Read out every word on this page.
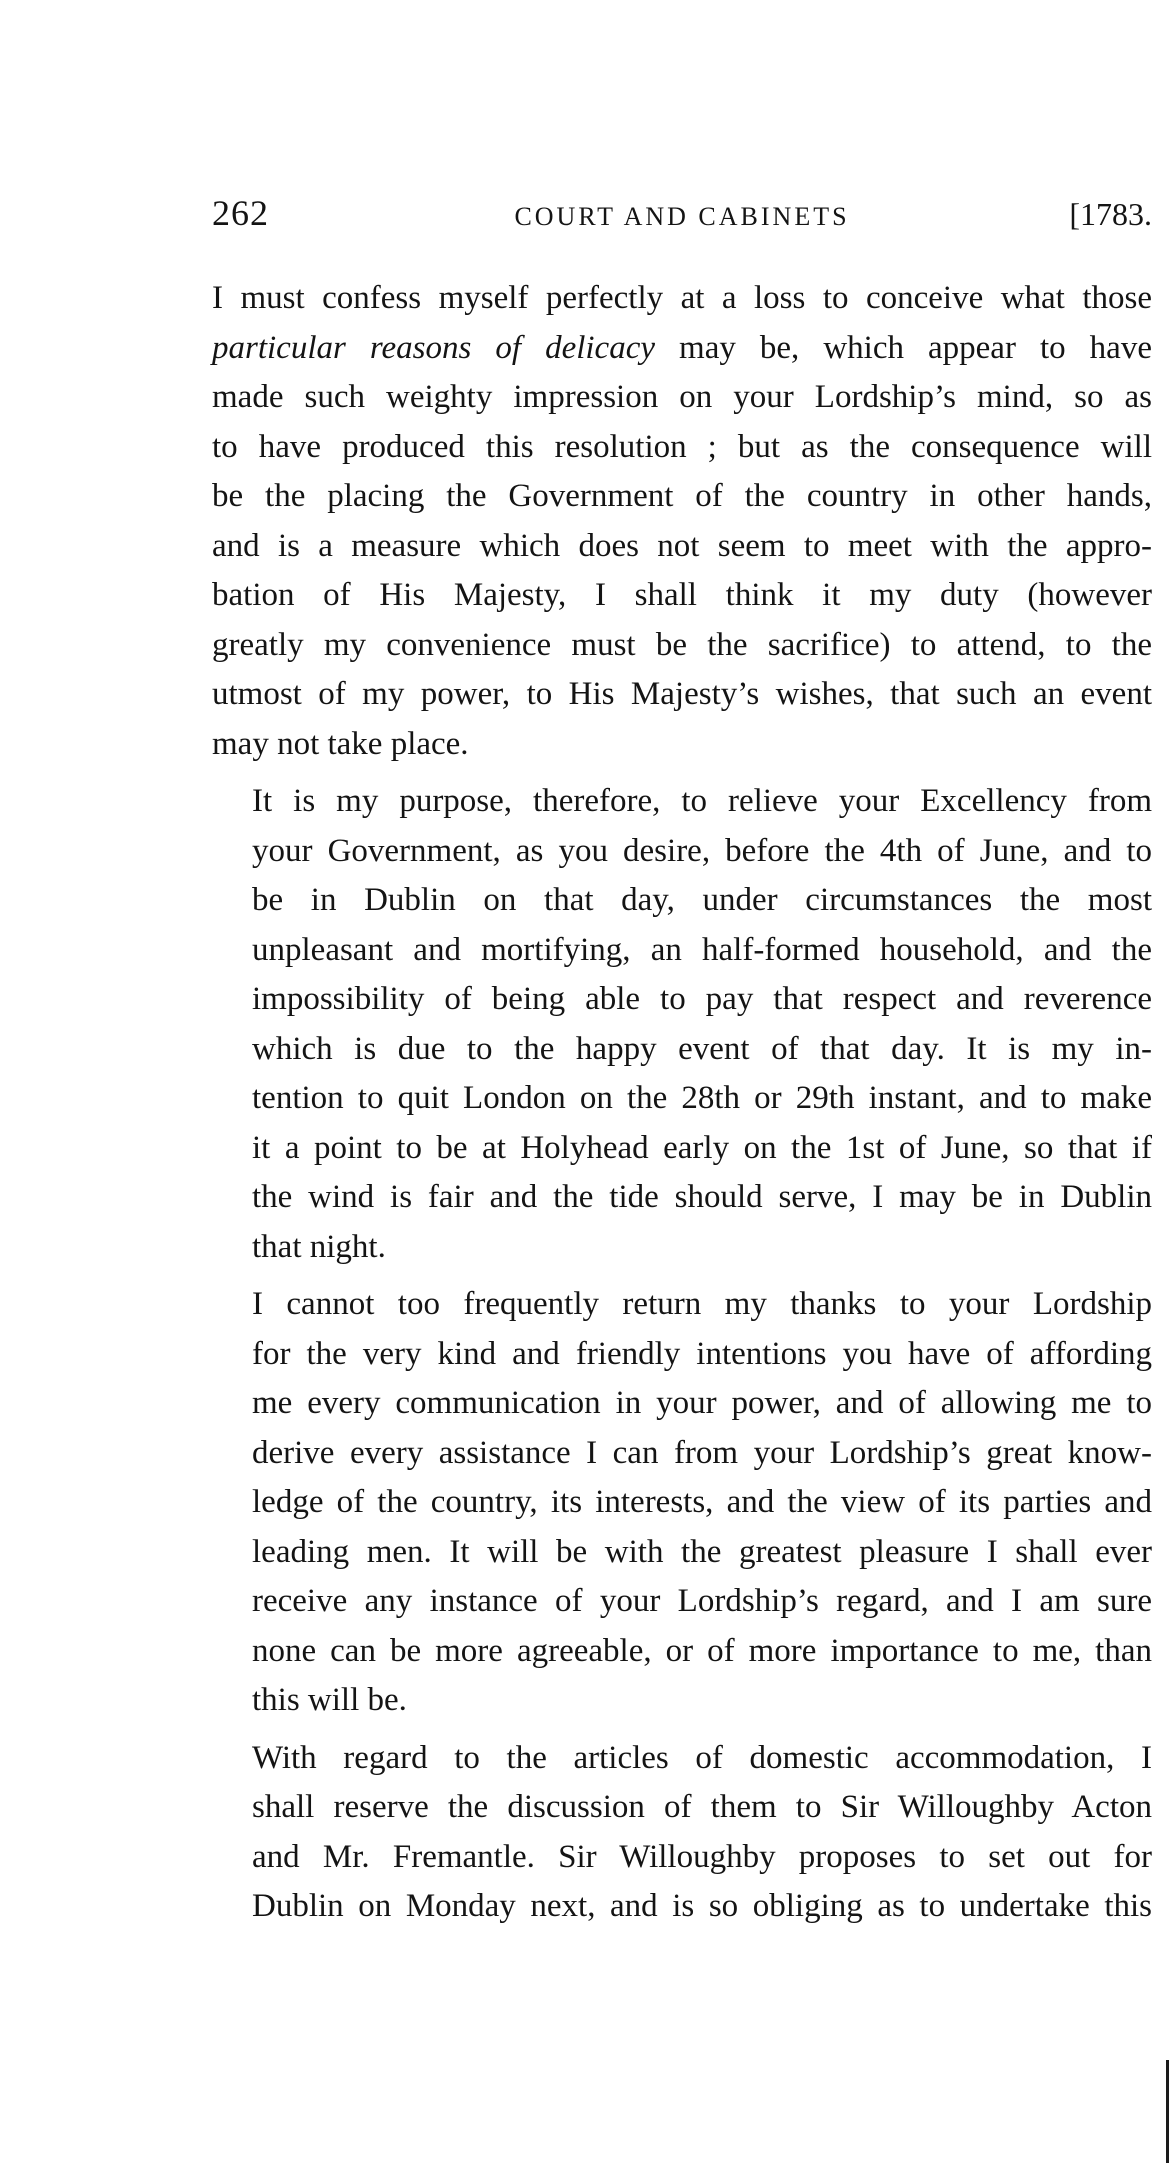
262	COURT AND CABINETS	[1783.

I must confess myself perfectly at a loss to conceive what those
particular reasons of delicacy may be, which appear to have
made such weighty impression on your Lordship’s mind, so as
to have produced this resolution ; but as the consequence will
be the placing the Government of the country in other hands,
and is a measure which does not seem to meet with the appro-
bation of His Majesty, I shall think it my duty (however
greatly my convenience must be the sacrifice) to attend, to the
utmost of my power, to His Majesty’s wishes, that such an event
may not take place.

It is my purpose, therefore, to relieve your Excellency from
your Government, as you desire, before the 4th of June, and to
be in Dublin on that day, under circumstances the most
unpleasant and mortifying, an half-formed household, and the
impossibility of being able to pay that respect and reverence
which is due to the happy event of that day. It is my in-
tention to quit London on the 28th or 29th instant, and to make
it a point to be at Holyhead early on the 1st of June, so that if
the wind is fair and the tide should serve, I may be in Dublin
that night.

I cannot too frequently return my thanks to your Lordship
for the very kind and friendly intentions you have of affording
me every communication in your power, and of allowing me to
derive every assistance I can from your Lordship’s great know-
ledge of the country, its interests, and the view of its parties and
leading men. It will be with the greatest pleasure I shall ever
receive any instance of your Lordship’s regard, and I am sure
none can be more agreeable, or of more importance to me, than
this will be.

With regard to the articles of domestic accommodation, I
shall reserve the discussion of them to Sir Willoughby Acton
and Mr. Fremantle. Sir Willoughby proposes to set out for
Dublin on Monday next, and is so obliging as to undertake this
